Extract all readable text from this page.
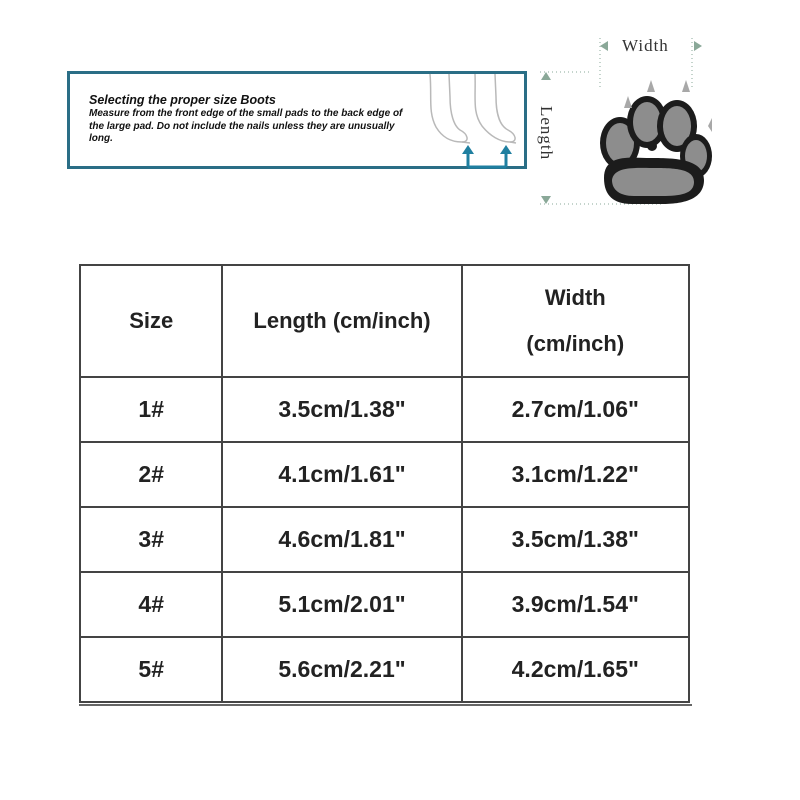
Selecting the proper size Boots

Measure from the front edge of the small pads to the back edge of the large pad. Do not include the nails unless they are unusually long.

Width
Length
Size	Length (cm/inch)	Width
(cm/inch)

1#	3.5cm/1.38"	2.7cm/1.06"
2#	4.1cm/1.61"	3.1cm/1.22"
3#	4.6cm/1.81"	3.5cm/1.38"
4#	5.1cm/2.01"	3.9cm/1.54"
5#	5.6cm/2.21"	4.2cm/1.65"
